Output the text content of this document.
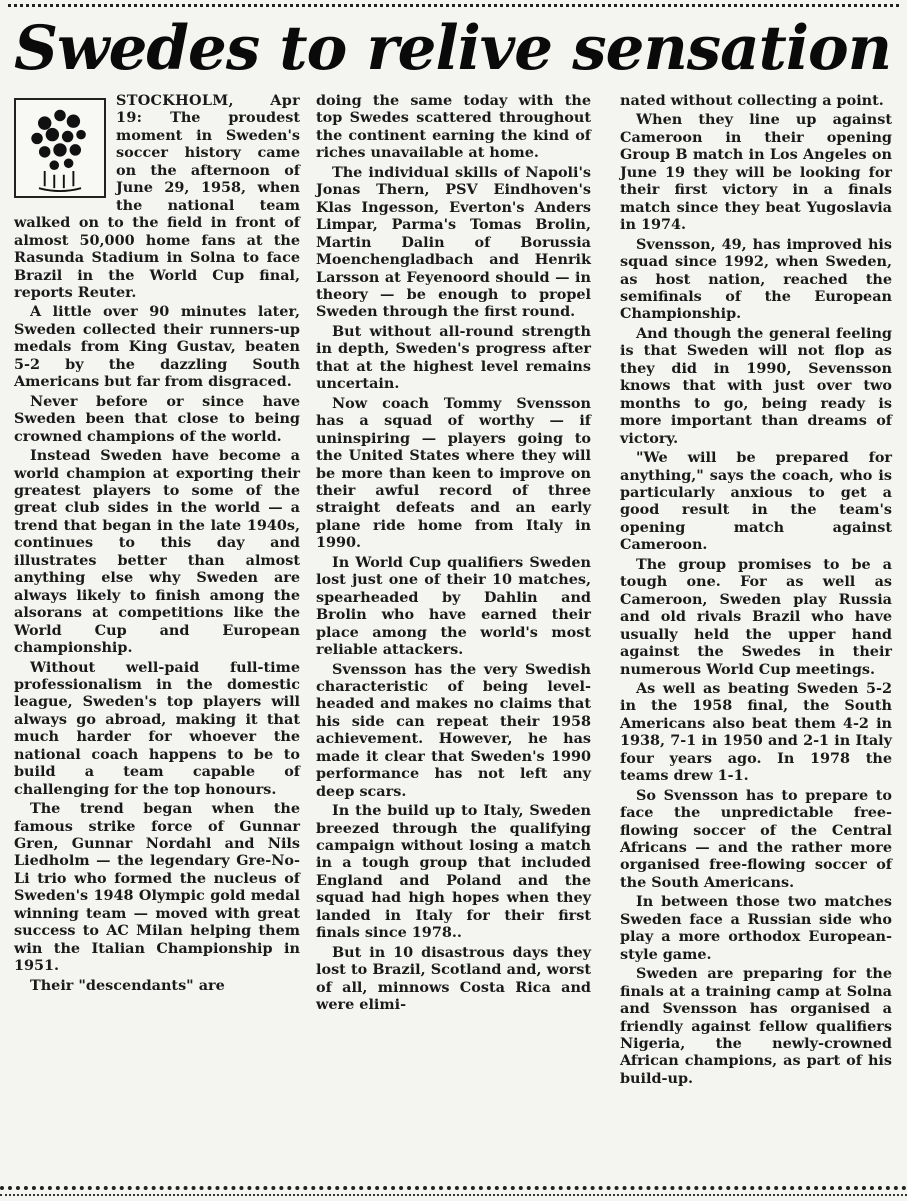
Swedes to relive sensation

STOCKHOLM, Apr 19: The proudest moment in Sweden's soccer history came on the afternoon of June 29, 1958, when the national team walked on to the field in front of almost 50,000 home fans at the Rasunda Stadium in Solna to face Brazil in the World Cup final, reports Reuter.

A little over 90 minutes later, Sweden collected their runners-up medals from King Gustav, beaten 5-2 by the dazzling South Americans but far from disgraced.

Never before or since have Sweden been that close to being crowned champions of the world.

Instead Sweden have become a world champion at exporting their greatest players to some of the great club sides in the world — a trend that began in the late 1940s, continues to this day and illustrates better than almost anything else why Sweden are always likely to finish among the alsorans at competitions like the World Cup and European championship.

Without well-paid full-time professionalism in the domestic league, Sweden's top players will always go abroad, making it that much harder for whoever the national coach happens to be to build a team capable of challenging for the top honours.

The trend began when the famous strike force of Gunnar Gren, Gunnar Nordahl and Nils Liedholm — the legendary Gre-No-Li trio who formed the nucleus of Sweden's 1948 Olympic gold medal winning team — moved with great success to AC Milan helping them win the Italian Championship in 1951.

Their "descendants" are

doing the same today with the top Swedes scattered throughout the continent earning the kind of riches unavailable at home.

The individual skills of Napoli's Jonas Thern, PSV Eindhoven's Klas Ingesson, Everton's Anders Limpar, Parma's Tomas Brolin, Martin Dalin of Borussia Moenchengladbach and Henrik Larsson at Feyenoord should — in theory — be enough to propel Sweden through the first round.

But without all-round strength in depth, Sweden's progress after that at the highest level remains uncertain.

Now coach Tommy Svensson has a squad of worthy — if uninspiring — players going to the United States where they will be more than keen to improve on their awful record of three straight defeats and an early plane ride home from Italy in 1990.

In World Cup qualifiers Sweden lost just one of their 10 matches, spearheaded by Dahlin and Brolin who have earned their place among the world's most reliable attackers.

Svensson has the very Swedish characteristic of being level-headed and makes no claims that his side can repeat their 1958 achievement. However, he has made it clear that Sweden's 1990 performance has not left any deep scars.

In the build up to Italy, Sweden breezed through the qualifying campaign without losing a match in a tough group that included England and Poland and the squad had high hopes when they landed in Italy for their first finals since 1978..

But in 10 disastrous days they lost to Brazil, Scotland and, worst of all, minnows Costa Rica and were elimi-

nated without collecting a point.

When they line up against Cameroon in their opening Group B match in Los Angeles on June 19 they will be looking for their first victory in a finals match since they beat Yugoslavia in 1974.

Svensson, 49, has improved his squad since 1992, when Sweden, as host nation, reached the semifinals of the European Championship.

And though the general feeling is that Sweden will not flop as they did in 1990, Sevensson knows that with just over two months to go, being ready is more important than dreams of victory.

"We will be prepared for anything," says the coach, who is particularly anxious to get a good result in the team's opening match against Cameroon.

The group promises to be a tough one. For as well as Cameroon, Sweden play Russia and old rivals Brazil who have usually held the upper hand against the Swedes in their numerous World Cup meetings.

As well as beating Sweden 5-2 in the 1958 final, the South Americans also beat them 4-2 in 1938, 7-1 in 1950 and 2-1 in Italy four years ago. In 1978 the teams drew 1-1.

So Svensson has to prepare to face the unpredictable free-flowing soccer of the Central Africans — and the rather more organised free-flowing soccer of the South Americans.

In between those two matches Sweden face a Russian side who play a more orthodox European-style game.

Sweden are preparing for the finals at a training camp at Solna and Svensson has organised a friendly against fellow qualifiers Nigeria, the newly-crowned African champions, as part of his build-up.
